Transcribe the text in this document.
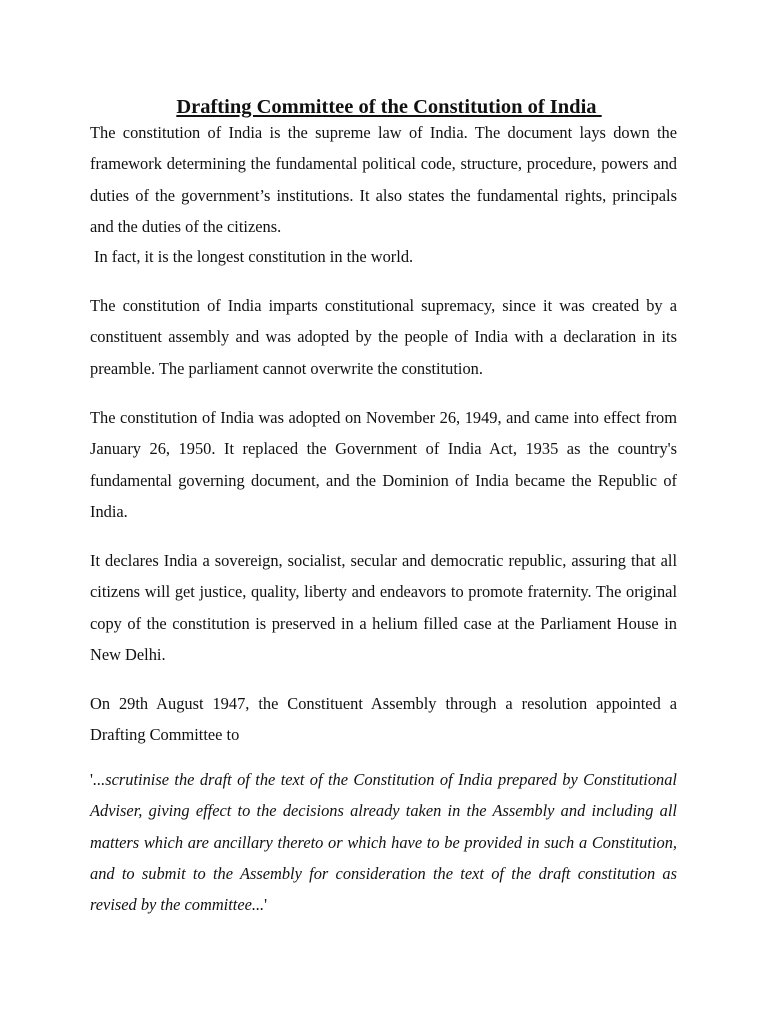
Drafting Committee of the Constitution of India

The constitution of India is the supreme law of India. The document lays down the framework determining the fundamental political code, structure, procedure, powers and duties of the government’s institutions. It also states the fundamental rights, principals and the duties of the citizens.

In fact, it is the longest constitution in the world.

The constitution of India imparts constitutional supremacy, since it was created by a constituent assembly and was adopted by the people of India with a declaration in its preamble. The parliament cannot overwrite the constitution.

The constitution of India was adopted on November 26, 1949, and came into effect from January 26, 1950. It replaced the Government of India Act, 1935 as the country's fundamental governing document, and the Dominion of India became the Republic of India.

It declares India a sovereign, socialist, secular and democratic republic, assuring that all citizens will get justice, quality, liberty and endeavors to promote fraternity. The original copy of the constitution is preserved in a helium filled case at the Parliament House in New Delhi.

On 29th August 1947, the Constituent Assembly through a resolution appointed a Drafting Committee to

'...scrutinise the draft of the text of the Constitution of India prepared by Constitutional Adviser, giving effect to the decisions already taken in the Assembly and including all matters which are ancillary thereto or which have to be provided in such a Constitution, and to submit to the Assembly for consideration the text of the draft constitution as revised by the committee...'
